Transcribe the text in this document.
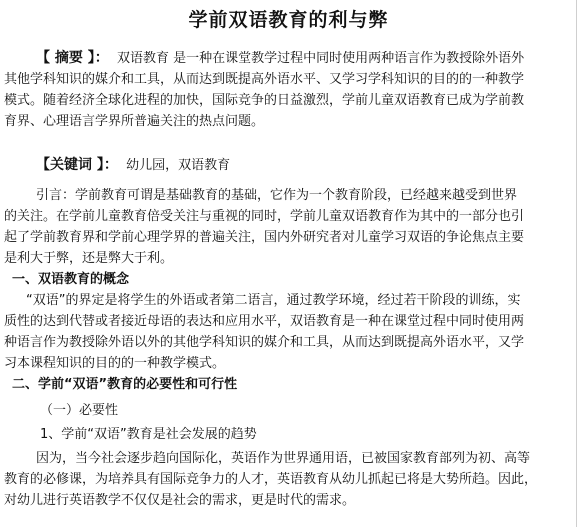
学前双语教育的利与弊
【 摘要 】： 双语教育 是一种在课堂教学过程中同时使用两种语言作为教授除外语外
其他学科知识的媒介和工具，从而达到既提高外语水平、又学习学科知识的目的的一种教学
模式。随着经济全球化进程的加快，国际竞争的日益激烈，学前儿童双语教育已成为学前教
育界、心理语言学界所普遍关注的热点问题。
【关键词 】： 幼儿园，双语教育
引言：学前教育可谓是基础教育的基础，它作为一个教育阶段，已经越来越受到世界
的关注。在学前儿童教育倍受关注与重视的同时，学前儿童双语教育作为其中的一部分也引
起了学前教育界和学前心理学界的普遍关注，国内外研究者对儿童学习双语的争论焦点主要
是利大于弊，还是弊大于利。
一、双语教育的概念
“双语”的界定是将学生的外语或者第二语言，通过教学环境，经过若干阶段的训练，实
质性的达到代替或者接近母语的表达和应用水平，双语教育是一种在课堂过程中同时使用两
种语言作为教授除外语以外的其他学科知识的媒介和工具，从而达到既提高外语水平，又学
习本课程知识的目的的一种教学模式。
二、学前“双语”教育的必要性和可行性
（一）必要性
1、学前“双语”教育是社会发展的趋势
因为，当今社会逐步趋向国际化，英语作为世界通用语，已被国家教育部列为初、高等
教育的必修课，为培养具有国际竞争力的人才，英语教育从幼儿抓起已将是大势所趋。因此，
对幼儿进行英语教学不仅仅是社会的需求，更是时代的需求。
